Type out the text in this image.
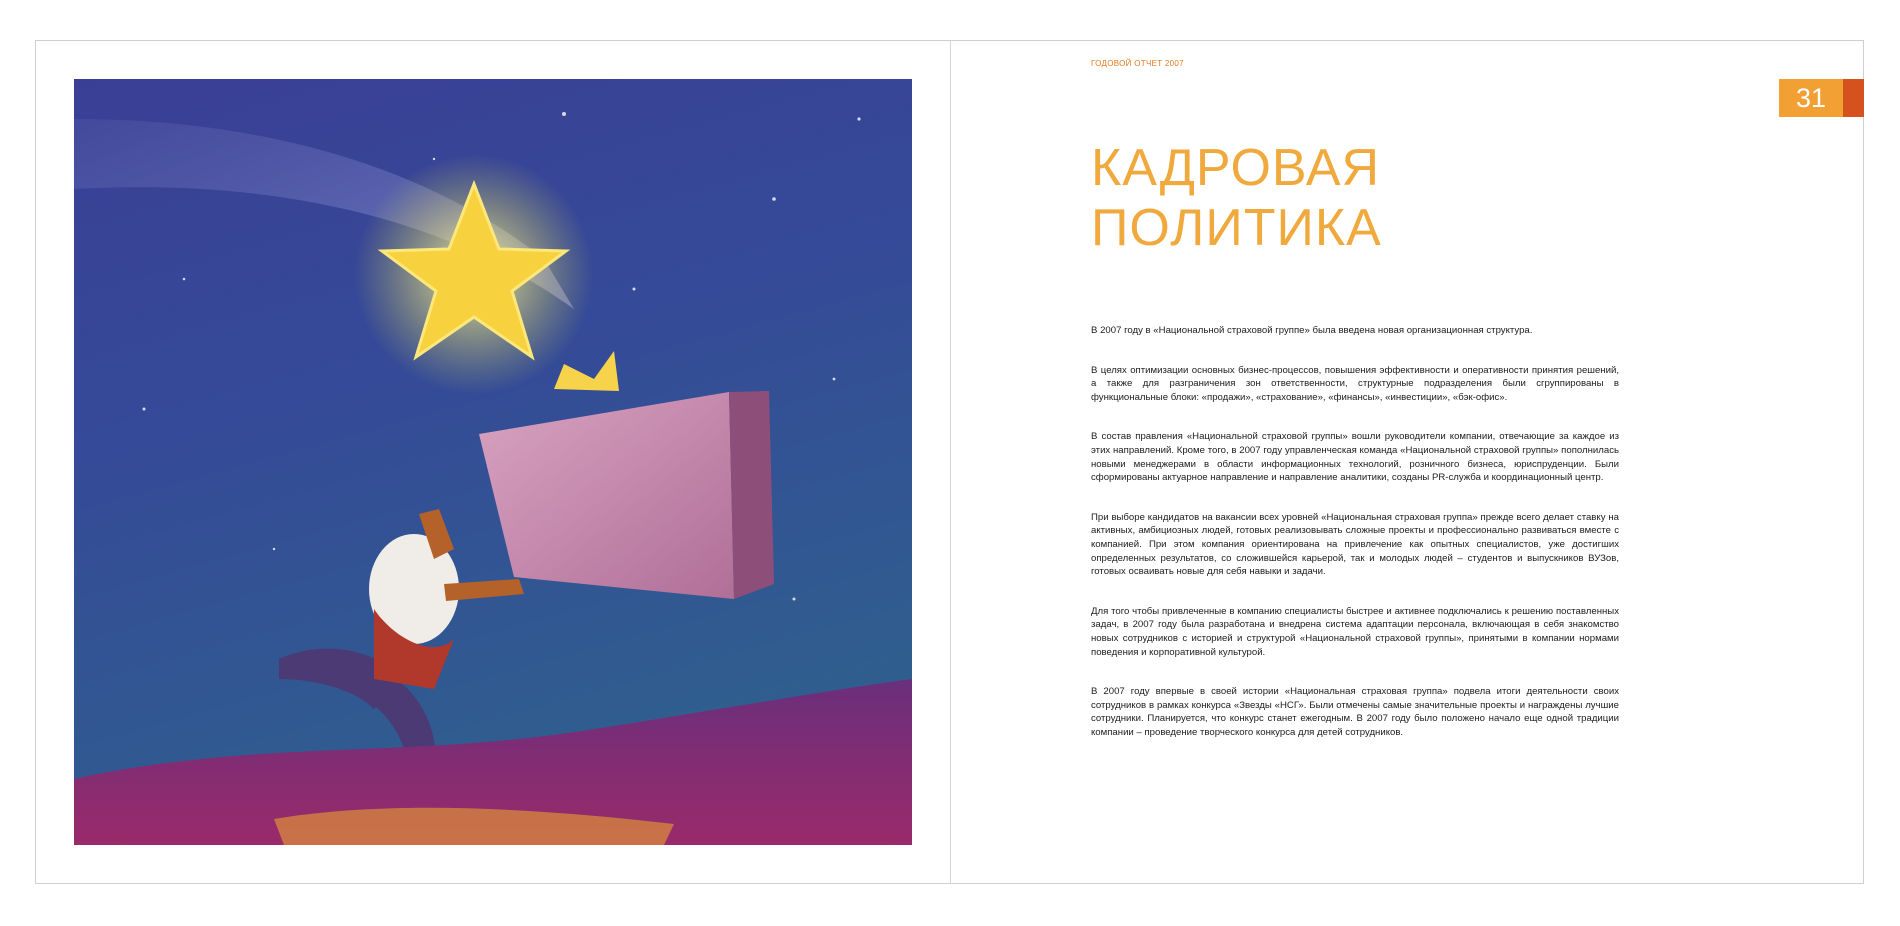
ГОДОВОЙ ОТЧЕТ 2007
31
КАДРОВАЯ
ПОЛИТИКА

В 2007 году в «Национальной страховой группе» была введена новая организационная структура.

В целях оптимизации основных бизнес-процессов, повышения эффективности и оперативности принятия решений, а также для разграничения зон ответственности, структурные подразделения были сгруппированы в функциональные блоки: «продажи», «страхование», «финансы», «инвестиции», «бэк-офис».

В состав правления «Национальной страховой группы» вошли руководители компании, отвечающие за каждое из этих направлений. Кроме того, в 2007 году управленческая команда «Национальной страховой группы» пополнилась новыми менеджерами в области информационных технологий, розничного бизнеса, юриспруденции. Были сформированы актуарное направление и направление аналитики, созданы PR-служба и координационный центр.

При выборе кандидатов на вакансии всех уровней «Национальная страховая группа» прежде всего делает ставку на активных, амбициозных людей, готовых реализовывать сложные проекты и профессионально развиваться вместе с компанией. При этом компания ориентирована на привлечение как опытных специалистов, уже достигших определенных результатов, со сложившейся карьерой, так и молодых людей – студентов и выпускников ВУЗов, готовых осваивать новые для себя навыки и задачи.

Для того чтобы привлеченные в компанию специалисты быстрее и активнее подключались к решению поставленных задач, в 2007 году была разработана и внедрена система адаптации персонала, включающая в себя знакомство новых сотрудников с историей и структурой «Национальной страховой группы», принятыми в компании нормами поведения и корпоративной культурой.

В 2007 году впервые в своей истории «Национальная страховая группа» подвела итоги деятельности своих сотрудников в рамках конкурса «Звезды «НСГ». Были отмечены самые значительные проекты и награждены лучшие сотрудники. Планируется, что конкурс станет ежегодным. В 2007 году было положено начало еще одной традиции компании – проведение творческого конкурса для детей сотрудников.
